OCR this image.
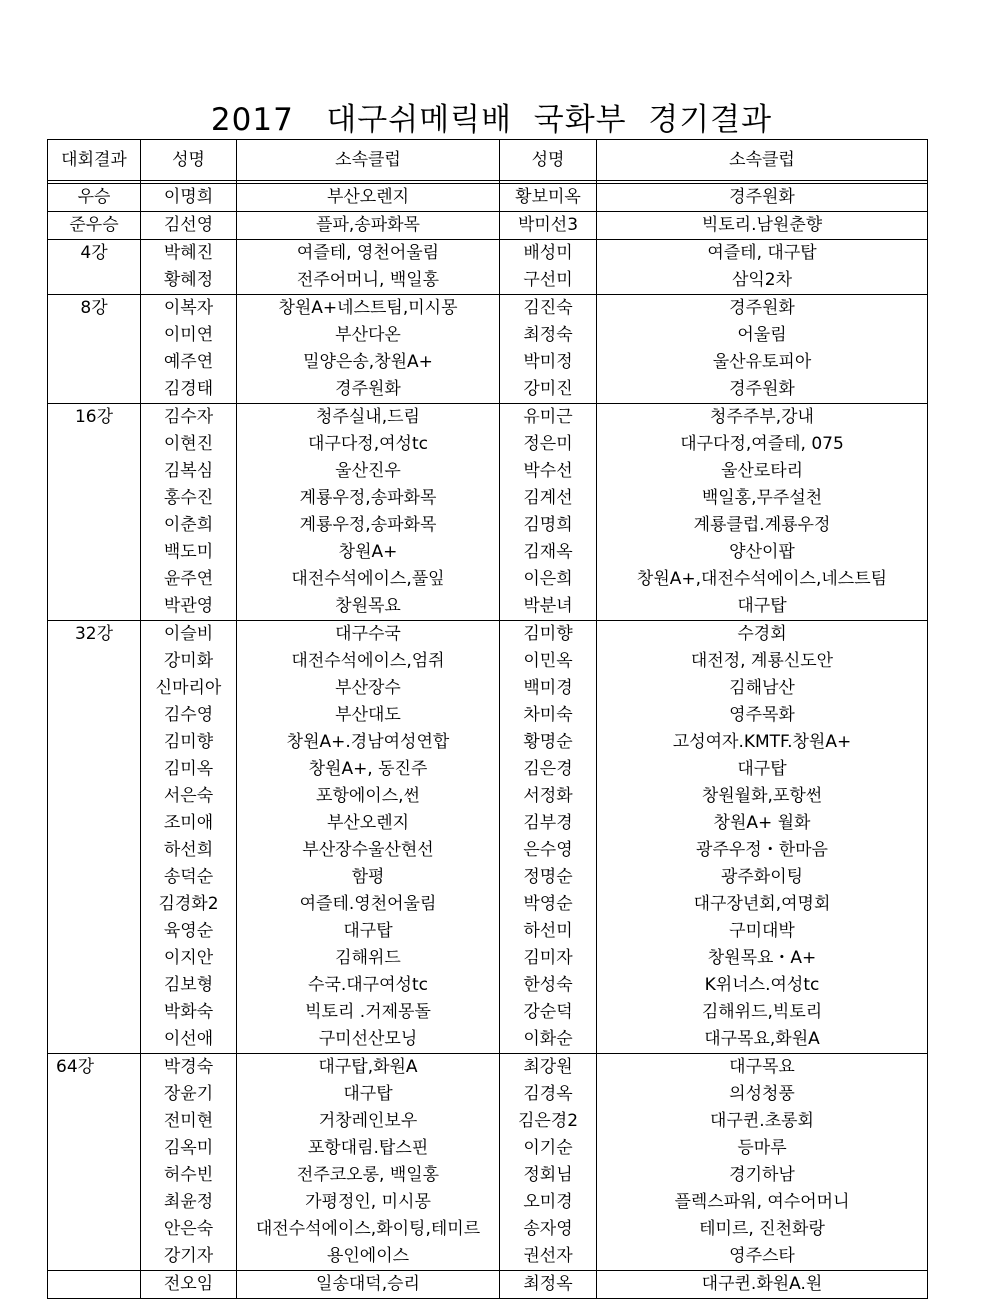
2017   대구쉬메릭배  국화부  경기결과
대회결과	성명	소속클럽	성명	소속클럽

우승	이명희	부산오렌지	황보미옥	경주원화
준우승	김선영	플파,송파화목	박미선3	빅토리.남원춘향
4강	박혜진	여즐테, 영천어울림	배성미	여즐테, 대구탑
	황혜정	전주어머니, 백일홍	구선미	삼익2차
8강	이복자	창원A+네스트팀,미시몽	김진숙	경주원화
	이미연	부산다온	최정숙	어울림
	예주연	밀양은송,창원A+	박미정	울산유토피아
	김경태	경주원화	강미진	경주원화
16강	김수자	청주실내,드림	유미근	청주주부,강내
	이현진	대구다정,여성tc	정은미	대구다정,여즐테, 075
	김복심	울산진우	박수선	울산로타리
	홍수진	계룡우정,송파화목	김계선	백일홍,무주설천
	이춘희	계룡우정,송파화목	김명희	계룡클럽.계룡우정
	백도미	창원A+	김재옥	양산이팝
	윤주연	대전수석에이스,풀잎	이은희	창원A+,대전수석에이스,네스트팀
	박관영	창원목요	박분녀	대구탑
32강	이슬비	대구수국	김미향	수경회
	강미화	대전수석에이스,엄쥐	이민옥	대전정, 계룡신도안
	신마리아	부산장수	백미경	김해남산
	김수영	부산대도	차미숙	영주목화
	김미향	창원A+.경남여성연합	황명순	고성여자.KMTF.창원A+
	김미옥	창원A+, 동진주	김은경	대구탑
	서은숙	포항에이스,썬	서정화	창원월화,포항썬
	조미애	부산오렌지	김부경	창원A+ 월화
	하선희	부산장수울산현선	은수영	광주우정・한마음
	송덕순	함평	정명순	광주화이팅
	김경화2	여즐테.영천어울림	박영순	대구장년회,여명회
	육영순	대구탑	하선미	구미대박
	이지안	김해위드	김미자	창원목요・A+
	김보형	수국.대구여성tc	한성숙	K위너스.여성tc
	박화숙	빅토리 .거제몽돌	강순덕	김해위드,빅토리
	이선애	구미선산모닝	이화순	대구목요,화원A
64강	박경숙	대구탑,화원A	최강원	대구목요
	장윤기	대구탑	김경옥	의성청풍
	전미현	거창레인보우	김은경2	대구퀸.초롱회
	김옥미	포항대림.탑스핀	이기순	등마루
	허수빈	전주코오롱, 백일홍	정회님	경기하남
	최윤정	가평정인, 미시몽	오미경	플렉스파워, 여수어머니
	안은숙	대전수석에이스,화이팅,테미르	송자영	테미르, 진천화랑
	강기자	용인에이스	권선자	영주스타
	전오임	일송대덕,승리	최정옥	대구퀸.화원A.원
